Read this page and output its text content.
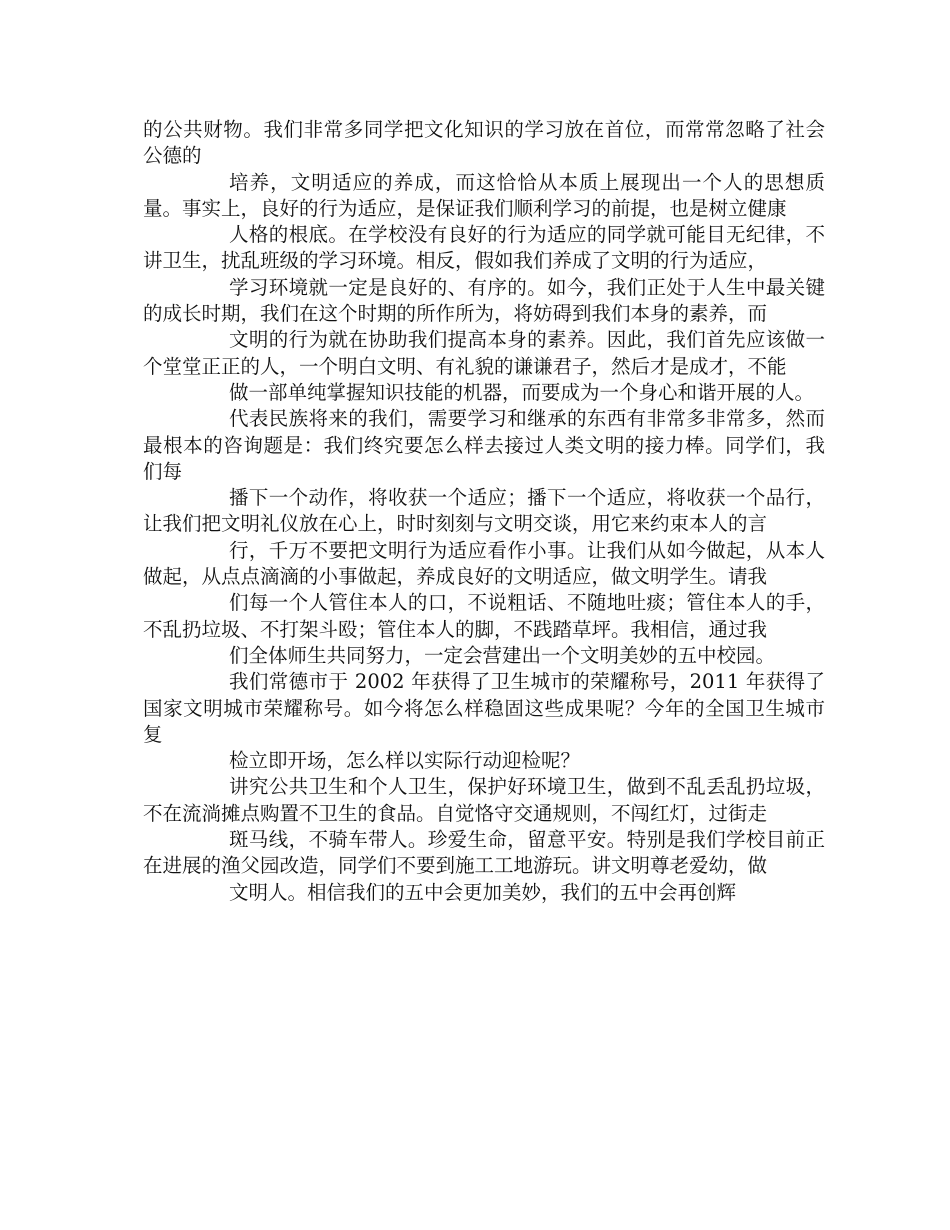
的公共财物。我们非常多同学把文化知识的学习放在首位，而常常忽略了社会公德的

培养，文明适应的养成，而这恰恰从本质上展现出一个人的思想质量。事实上，良好的行为适应，是保证我们顺利学习的前提，也是树立健康

人格的根底。在学校没有良好的行为适应的同学就可能目无纪律，不讲卫生，扰乱班级的学习环境。相反，假如我们养成了文明的行为适应，

学习环境就一定是良好的、有序的。如今，我们正处于人生中最关键的成长时期，我们在这个时期的所作所为，将妨碍到我们本身的素养，而

文明的行为就在协助我们提高本身的素养。因此，我们首先应该做一个堂堂正正的人，一个明白文明、有礼貌的谦谦君子，然后才是成才，不能

做一部单纯掌握知识技能的机器，而要成为一个身心和谐开展的人。

代表民族将来的我们，需要学习和继承的东西有非常多非常多，然而最根本的咨询题是：我们终究要怎么样去接过人类文明的接力棒。同学们，我们每

播下一个动作，将收获一个适应；播下一个适应，将收获一个品行，让我们把文明礼仪放在心上，时时刻刻与文明交谈，用它来约束本人的言

行，千万不要把文明行为适应看作小事。让我们从如今做起，从本人做起，从点点滴滴的小事做起，养成良好的文明适应，做文明学生。请我

们每一个人管住本人的口，不说粗话、不随地吐痰；管住本人的手，不乱扔垃圾、不打架斗殴；管住本人的脚，不践踏草坪。我相信，通过我

们全体师生共同努力，一定会营建出一个文明美妙的五中校园。

我们常德市于 2002 年获得了卫生城市的荣耀称号，2011 年获得了国家文明城市荣耀称号。如今将怎么样稳固这些成果呢？今年的全国卫生城市复

检立即开场，怎么样以实际行动迎检呢？

讲究公共卫生和个人卫生，保护好环境卫生，做到不乱丢乱扔垃圾，不在流淌摊点购置不卫生的食品。自觉恪守交通规则，不闯红灯，过街走

斑马线，不骑车带人。珍爱生命，留意平安。特别是我们学校目前正在进展的渔父园改造，同学们不要到施工工地游玩。讲文明尊老爱幼，做

文明人。相信我们的五中会更加美妙，我们的五中会再创辉
